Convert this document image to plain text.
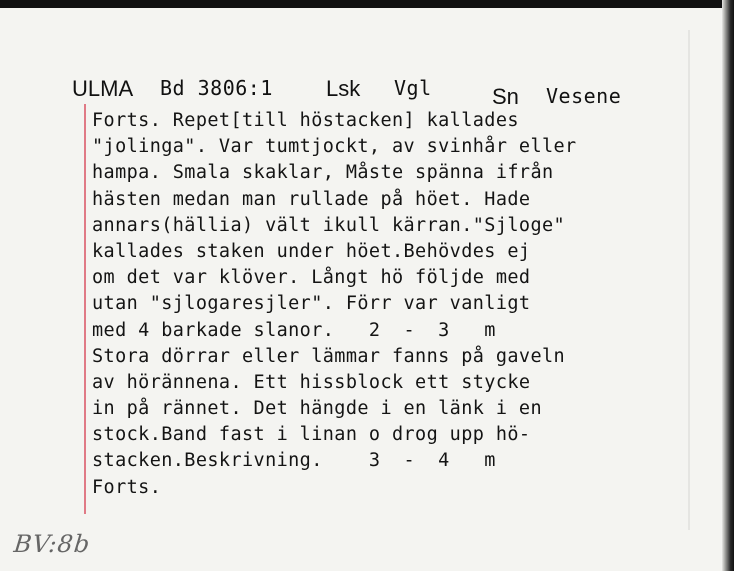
ULMA Bd 3806:1 Lsk Vgl	Sn Vesene
Forts. Repet[till höstacken] kallades
"jolinga". Var tumtjockt, av svinhår eller
hampa. Smala skaklar, Måste spänna ifrån
hästen medan man rullade på höet. Hade
annars(hällia) vält ikull kärran."Sjloge"
kallades staken under höet.Behövdes ej
om det var klöver. Långt hö följde med
utan "sjlogaresjler". Förr var vanligt
med 4 barkade slanor.   2  -  3   m
Stora dörrar eller lämmar fanns på gaveln
av hörännena. Ett hissblock ett stycke
in på rännet. Det hängde i en länk i en
stock.Band fast i linan o drog upp hö-
stacken.Beskrivning.    3  -  4   m
Forts.
BV:8b
